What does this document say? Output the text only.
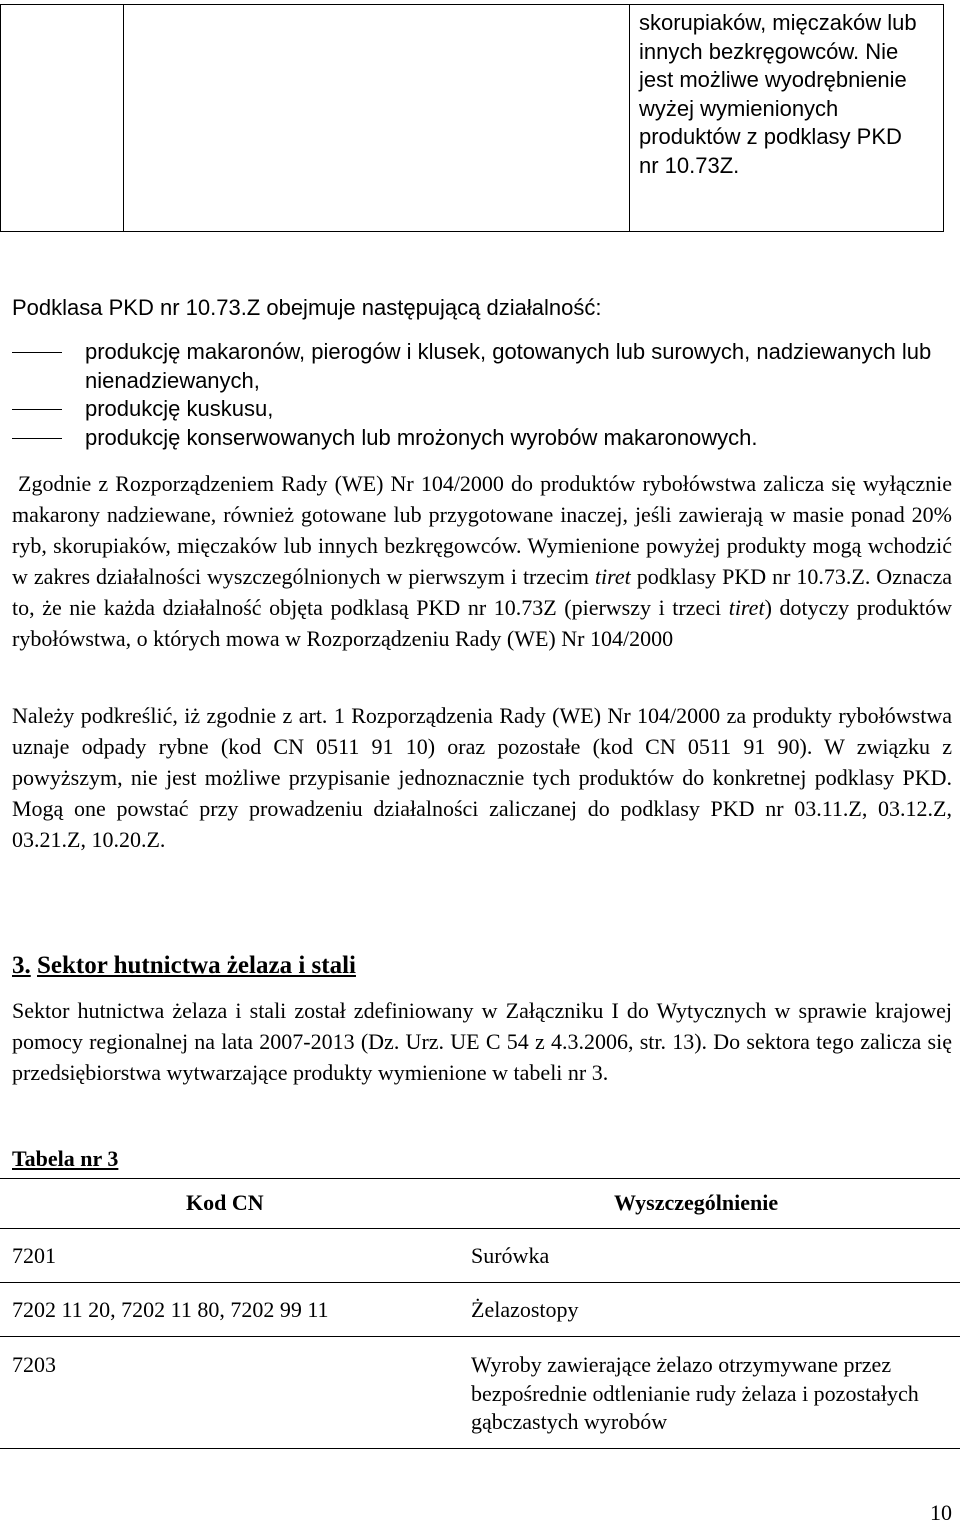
skorupiaków, mięczaków lub
innych bezkręgowców. Nie
jest możliwe wyodrębnienie
wyżej wymienionych
produktów z podklasy PKD
nr 10.73Z.
Podklasa PKD nr 10.73.Z obejmuje następującą działalność:
produkcję makaronów, pierogów i klusek, gotowanych lub surowych, nadziewanych lub nienadziewanych,
produkcję kuskusu,
produkcję konserwowanych lub mrożonych wyrobów makaronowych.
Zgodnie z Rozporządzeniem Rady (WE) Nr 104/2000 do produktów rybołówstwa zalicza się wyłącznie makarony nadziewane, również gotowane lub przygotowane inaczej, jeśli zawierają w masie ponad 20% ryb, skorupiaków, mięczaków lub innych bezkręgowców. Wymienione powyżej produkty mogą wchodzić w zakres działalności wyszczególnionych w pierwszym i trzecim tiret podklasy PKD nr 10.73.Z. Oznacza to, że nie każda działalność objęta podklasą PKD nr 10.73Z (pierwszy i trzeci tiret) dotyczy produktów rybołówstwa, o których mowa w Rozporządzeniu Rady (WE) Nr 104/2000
Należy podkreślić, iż zgodnie z art. 1 Rozporządzenia Rady (WE) Nr 104/2000 za produkty rybołówstwa uznaje odpady rybne (kod CN 0511 91 10) oraz pozostałe (kod CN 0511 91 90). W związku z powyższym, nie jest możliwe przypisanie jednoznacznie tych produktów do konkretnej podklasy PKD. Mogą one powstać przy prowadzeniu działalności zaliczanej do podklasy PKD nr 03.11.Z, 03.12.Z, 03.21.Z, 10.20.Z.
3. Sektor hutnictwa żelaza i stali
Sektor hutnictwa żelaza i stali został zdefiniowany w Załączniku I do Wytycznych w sprawie krajowej pomocy regionalnej na lata 2007-2013 (Dz. Urz. UE C 54 z 4.3.2006, str. 13). Do sektora tego zalicza się przedsiębiorstwa wytwarzające produkty wymienione w tabeli nr 3.
Tabela nr 3
Kod CN	Wyszczególnienie
7201	Surówka
7202 11 20, 7202 11 80, 7202 99 11	Żelazostopy
7203	Wyroby zawierające żelazo otrzymywane przez bezpośrednie odtlenianie rudy żelaza i pozostałych gąbczastych wyrobów
10
